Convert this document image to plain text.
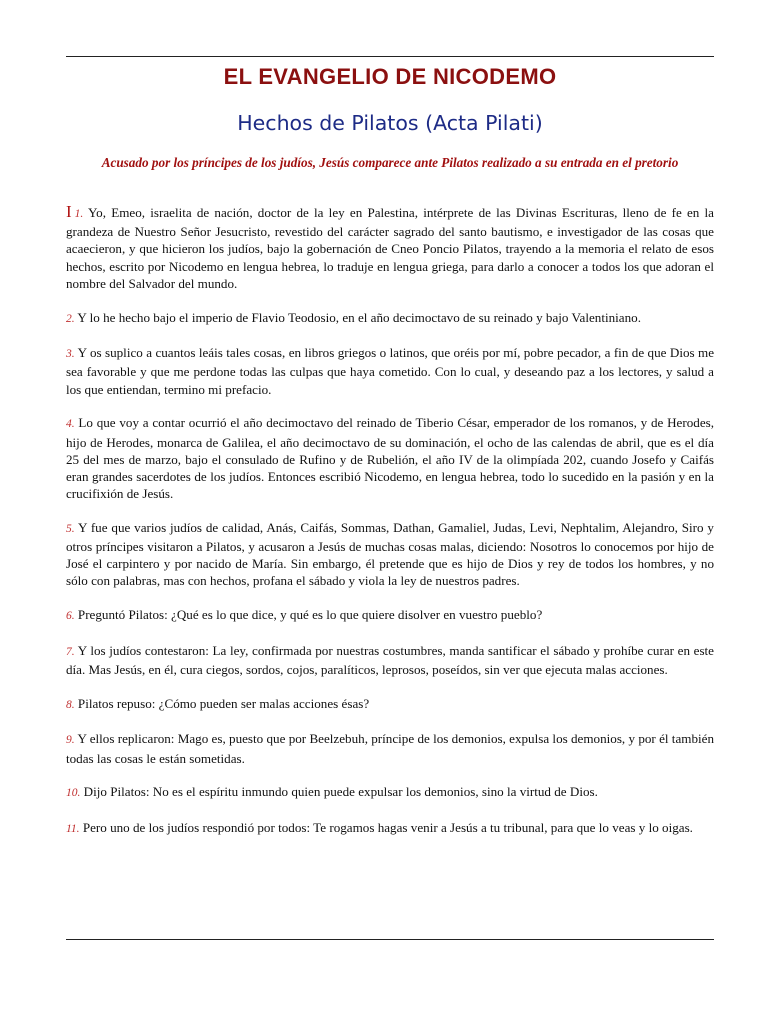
EL EVANGELIO DE NICODEMO
Hechos de Pilatos (Acta Pilati)
Acusado por los príncipes de los judíos, Jesús comparece ante Pilatos realizado a su entrada en el pretorio

I 1. Yo, Emeo, israelita de nación, doctor de la ley en Palestina, intérprete de las Divinas Escrituras, lleno de fe en la grandeza de Nuestro Señor Jesucristo, revestido del carácter sagrado del santo bautismo, e investigador de las cosas que acaecieron, y que hicieron los judíos, bajo la gobernación de Cneo Poncio Pilatos, trayendo a la memoria el relato de esos hechos, escrito por Nicodemo en lengua hebrea, lo traduje en lengua griega, para darlo a conocer a todos los que adoran el nombre del Salvador del mundo.

2. Y lo he hecho bajo el imperio de Flavio Teodosio, en el año decimoctavo de su reinado y bajo Valentiniano.

3. Y os suplico a cuantos leáis tales cosas, en libros griegos o latinos, que oréis por mí, pobre pecador, a fin de que Dios me sea favorable y que me perdone todas las culpas que haya cometido. Con lo cual, y deseando paz a los lectores, y salud a los que entiendan, termino mi prefacio.

4. Lo que voy a contar ocurrió el año decimoctavo del reinado de Tiberio César, emperador de los romanos, y de Herodes, hijo de Herodes, monarca de Galilea, el año decimoctavo de su dominación, el ocho de las calendas de abril, que es el día 25 del mes de marzo, bajo el consulado de Rufino y de Rubelión, el año IV de la olimpíada 202, cuando Josefo y Caifás eran grandes sacerdotes de los judíos. Entonces escribió Nicodemo, en lengua hebrea, todo lo sucedido en la pasión y en la crucifixión de Jesús.

5. Y fue que varios judíos de calidad, Anás, Caifás, Sommas, Dathan, Gamaliel, Judas, Levi, Nephtalim, Alejandro, Siro y otros príncipes visitaron a Pilatos, y acusaron a Jesús de muchas cosas malas, diciendo: Nosotros lo conocemos por hijo de José el carpintero y por nacido de María. Sin embargo, él pretende que es hijo de Dios y rey de todos los hombres, y no sólo con palabras, mas con hechos, profana el sábado y viola la ley de nuestros padres.

6. Preguntó Pilatos: ¿Qué es lo que dice, y qué es lo que quiere disolver en vuestro pueblo?

7. Y los judíos contestaron: La ley, confirmada por nuestras costumbres, manda santificar el sábado y prohíbe curar en este día. Mas Jesús, en él, cura ciegos, sordos, cojos, paralíticos, leprosos, poseídos, sin ver que ejecuta malas acciones.

8. Pilatos repuso: ¿Cómo pueden ser malas acciones ésas?

9. Y ellos replicaron: Mago es, puesto que por Beelzebuh, príncipe de los demonios, expulsa los demonios, y por él también todas las cosas le están sometidas.

10. Dijo Pilatos: No es el espíritu inmundo quien puede expulsar los demonios, sino la virtud de Dios.

11. Pero uno de los judíos respondió por todos: Te rogamos hagas venir a Jesús a tu tribunal, para que lo veas y lo oigas.
